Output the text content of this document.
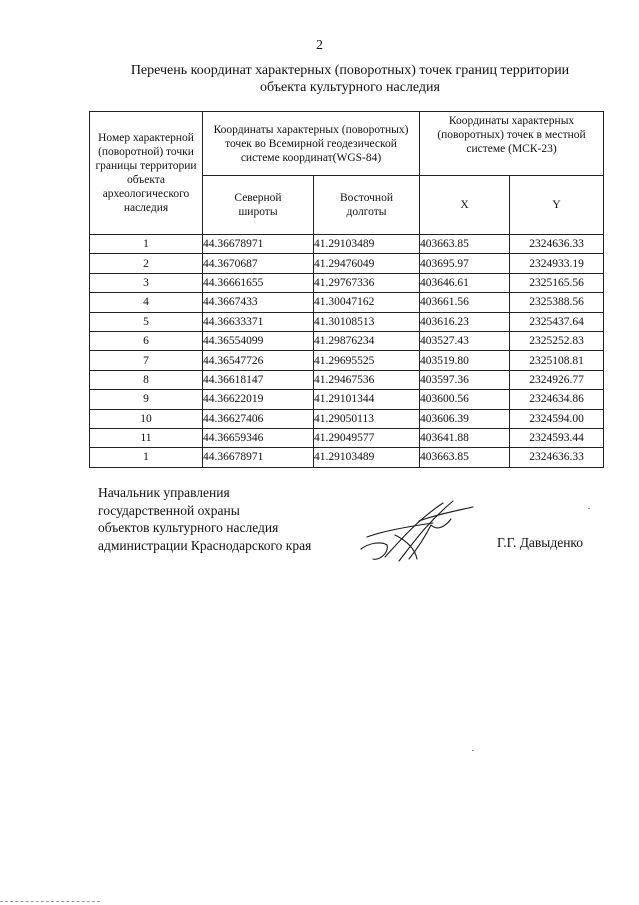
2
Перечень координат характерных (поворотных) точек границ территории
объекта культурного наследия
Номер характерной (поворотной) точки границы территории объекта археологического наследия	Координаты характерных (поворотных) точек во Всемирной геодезической системе координат(WGS-84)		Координаты характерных (поворотных) точек в местной системе (МСК-23)	
	Северной широты	Восточной долготы	X	Y
1	44.36678971	41.29103489	403663.85	2324636.33
2	44.3670687	41.29476049	403695.97	2324933.19
3	44.36661655	41.29767336	403646.61	2325165.56
4	44.3667433	41.30047162	403661.56	2325388.56
5	44.36633371	41.30108513	403616.23	2325437.64
6	44.36554099	41.29876234	403527.43	2325252.83
7	44.36547726	41.29695525	403519.80	2325108.81
8	44.36618147	41.29467536	403597.36	2324926.77
9	44.36622019	41.29101344	403600.56	2324634.86
10	44.36627406	41.29050113	403606.39	2324594.00
11	44.36659346	41.29049577	403641.88	2324593.44
1	44.36678971	41.29103489	403663.85	2324636.33
Начальник управления
государственной охраны
объектов культурного наследия
администрации Краснодарского края	Г.Г. Давыденко
